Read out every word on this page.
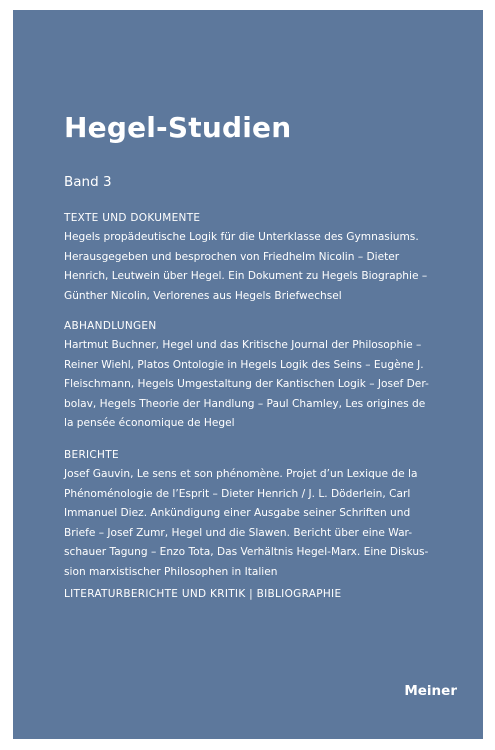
Hegel-Studien
Band 3
TEXTE UND DOKUMENTE
Hegels propädeutische Logik für die Unterklasse des Gymnasiums.
Herausgegeben und besprochen von Friedhelm Nicolin – Dieter
Henrich, Leutwein über Hegel. Ein Dokument zu Hegels Biographie –
Günther Nicolin, Verlorenes aus Hegels Briefwechsel
ABHANDLUNGEN
Hartmut Buchner, Hegel und das Kritische Journal der Philosophie –
Reiner Wiehl, Platos Ontologie in Hegels Logik des Seins – Eugène J.
Fleischmann, Hegels Umgestaltung der Kantischen Logik – Josef Der-
bolav, Hegels Theorie der Handlung – Paul Chamley, Les origines de
la pensée économique de Hegel
BERICHTE
Josef Gauvin, Le sens et son phénomène. Projet d’un Lexique de la
Phénoménologie de l’Esprit – Dieter Henrich / J. L. Döderlein, Carl
Immanuel Diez. Ankündigung einer Ausgabe seiner Schriften und
Briefe – Josef Zumr, Hegel und die Slawen. Bericht über eine War-
schauer Tagung – Enzo Tota, Das Verhältnis Hegel-Marx. Eine Diskus-
sion marxistischer Philosophen in Italien
LITERATURBERICHTE UND KRITIK | BIBLIOGRAPHIE
Meiner
